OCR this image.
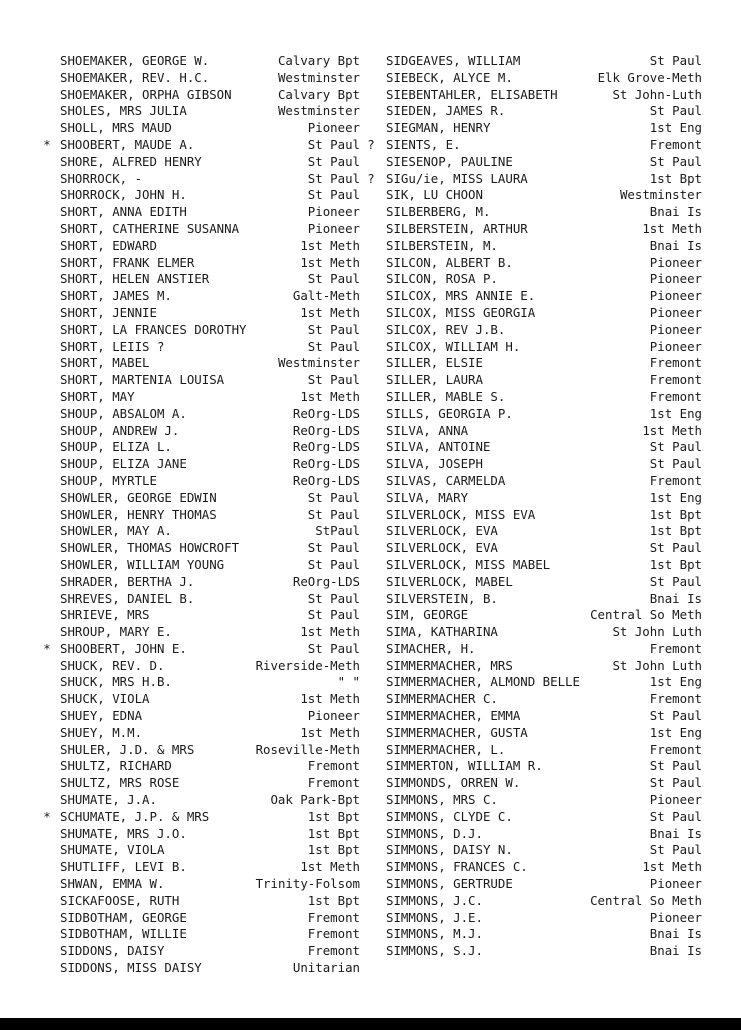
SHOEMAKER, GEORGE W.	Calvary Bpt
SHOEMAKER, REV. H.C.	Westminster
SHOEMAKER, ORPHA GIBSON	Calvary Bpt
SHOLES, MRS JULIA	Westminster
SHOLL, MRS MAUD	Pioneer
* SHOOBERT, MAUDE A.	St Paul
SHORE, ALFRED HENRY	St Paul
SHORROCK, -	St Paul
SHORROCK, JOHN H.	St Paul
SHORT, ANNA EDITH	Pioneer
SHORT, CATHERINE SUSANNA	Pioneer
SHORT, EDWARD	1st Meth
SHORT, FRANK ELMER	1st Meth
SHORT, HELEN ANSTIER	St Paul
SHORT, JAMES M.	Galt-Meth
SHORT, JENNIE	1st Meth
SHORT, LA FRANCES DOROTHY	St Paul
SHORT, LEIIS ?	St Paul
SHORT, MABEL	Westminster
SHORT, MARTENIA LOUISA	St Paul
SHORT, MAY	1st Meth
SHOUP, ABSALOM A.	ReOrg-LDS
SHOUP, ANDREW J.	ReOrg-LDS
SHOUP, ELIZA L.	ReOrg-LDS
SHOUP, ELIZA JANE	ReOrg-LDS
SHOUP, MYRTLE	ReOrg-LDS
SHOWLER, GEORGE EDWIN	St Paul
SHOWLER, HENRY THOMAS	St Paul
SHOWLER, MAY A.	StPaul
SHOWLER, THOMAS HOWCROFT	St Paul
SHOWLER, WILLIAM YOUNG	St Paul
SHRADER, BERTHA J.	ReOrg-LDS
SHREVES, DANIEL B.	St Paul
SHRIEVE, MRS	St Paul
SHROUP, MARY E.	1st Meth
* SHOOBERT, JOHN E.	St Paul
SHUCK, REV. D.	Riverside-Meth
SHUCK, MRS H.B.	" "
SHUCK, VIOLA	1st Meth
SHUEY, EDNA	Pioneer
SHUEY, M.M.	1st Meth
SHULER, J.D. & MRS	Roseville-Meth
SHULTZ, RICHARD	Fremont
SHULTZ, MRS ROSE	Fremont
SHUMATE, J.A.	Oak Park-Bpt
* SCHUMATE, J.P. & MRS	1st Bpt
SHUMATE, MRS J.O.	1st Bpt
SHUMATE, VIOLA	1st Bpt
SHUTLIFF, LEVI B.	1st Meth
SHWAN, EMMA W.	Trinity-Folsom
SICKAFOOSE, RUTH	1st Bpt
SIDBOTHAM, GEORGE	Fremont
SIDBOTHAM, WILLIE	Fremont
SIDDONS, DAISY	Fremont
SIDDONS, MISS DAISY	Unitarian
SIDGEAVES, WILLIAM	St Paul
SIEBECK, ALYCE M.	Elk Grove-Meth
SIEBENTAHLER, ELISABETH	St John-Luth
SIEDEN, JAMES R.	St Paul
SIEGMAN, HENRY	1st Eng
? SIENTS, E.	Fremont
SIESENOP, PAULINE	St Paul
? SIGu/ie, MISS LAURA	1st Bpt
SIK, LU CHOON	Westminster
SILBERBERG, M.	Bnai Is
SILBERSTEIN, ARTHUR	1st Meth
SILBERSTEIN, M.	Bnai Is
SILCON, ALBERT B.	Pioneer
SILCON, ROSA P.	Pioneer
SILCOX, MRS ANNIE E.	Pioneer
SILCOX, MISS GEORGIA	Pioneer
SILCOX, REV J.B.	Pioneer
SILCOX, WILLIAM H.	Pioneer
SILLER, ELSIE	Fremont
SILLER, LAURA	Fremont
SILLER, MABLE S.	Fremont
SILLS, GEORGIA P.	1st Eng
SILVA, ANNA	1st Meth
SILVA, ANTOINE	St Paul
SILVA, JOSEPH	St Paul
SILVAS, CARMELDA	Fremont
SILVA, MARY	1st Eng
SILVERLOCK, MISS EVA	1st Bpt
SILVERLOCK, EVA	1st Bpt
SILVERLOCK, EVA	St Paul
SILVERLOCK, MISS MABEL	1st Bpt
SILVERLOCK, MABEL	St Paul
SILVERSTEIN, B.	Bnai Is
SIM, GEORGE	Central So Meth
SIMA, KATHARINA	St John Luth
SIMACHER, H.	Fremont
SIMMERMACHER, MRS	St John Luth
SIMMERMACHER, ALMOND BELLE	1st Eng
SIMMERMACHER C.	Fremont
SIMMERMACHER, EMMA	St Paul
SIMMERMACHER, GUSTA	1st Eng
SIMMERMACHER, L.	Fremont
SIMMERTON, WILLIAM R.	St Paul
SIMMONDS, ORREN W.	St Paul
SIMMONS, MRS C.	Pioneer
SIMMONS, CLYDE C.	St Paul
SIMMONS, D.J.	Bnai Is
SIMMONS, DAISY N.	St Paul
SIMMONS, FRANCES C.	1st Meth
SIMMONS, GERTRUDE	Pioneer
SIMMONS, J.C.	Central So Meth
SIMMONS, J.E.	Pioneer
SIMMONS, M.J.	Bnai Is
SIMMONS, S.J.	Bnai Is
